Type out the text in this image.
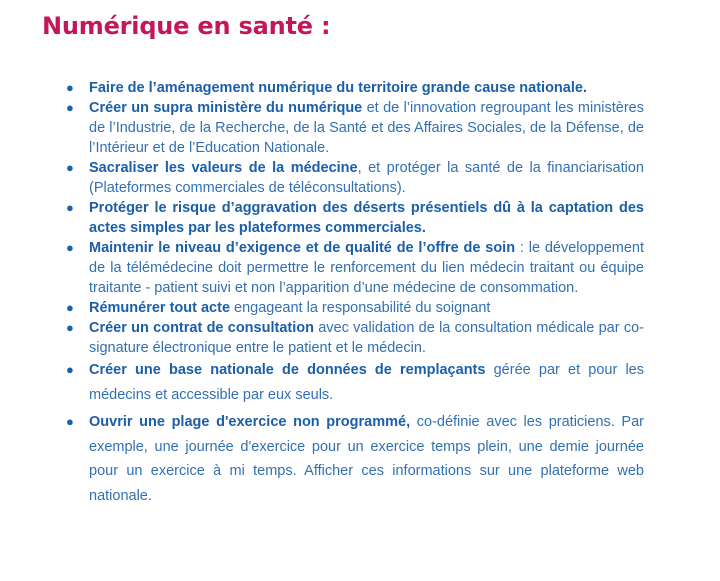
Numérique en santé :
● Faire de l’aménagement numérique du territoire grande cause nationale.
● Créer un supra ministère du numérique et de l’innovation regroupant les ministères de l’Industrie, de la Recherche, de la Santé et des Affaires Sociales, de la Défense, de l’Intérieur et de l’Education Nationale.
● Sacraliser les valeurs de la médecine, et protéger la santé de la financiarisation (Plateformes commerciales de téléconsultations).
● Protéger le risque d’aggravation des déserts présentiels dû à la captation des actes simples par les plateformes commerciales.
● Maintenir le niveau d’exigence et de qualité de l’offre de soin : le développement de la télémédecine doit permettre le renforcement du lien médecin traitant ou équipe traitante - patient suivi et non l’apparition d’une médecine de consommation.
● Rémunérer tout acte engageant la responsabilité du soignant
● Créer un contrat de consultation avec validation de la consultation médicale par co-signature électronique entre le patient et le médecin.
● Créer une base nationale de données de remplaçants gérée par et pour les médecins et accessible par eux seuls.
● Ouvrir une plage d'exercice non programmé, co-définie avec les praticiens. Par exemple, une journée d'exercice pour un exercice temps plein, une demie journée pour un exercice à mi temps. Afficher ces informations sur une plateforme web nationale.
